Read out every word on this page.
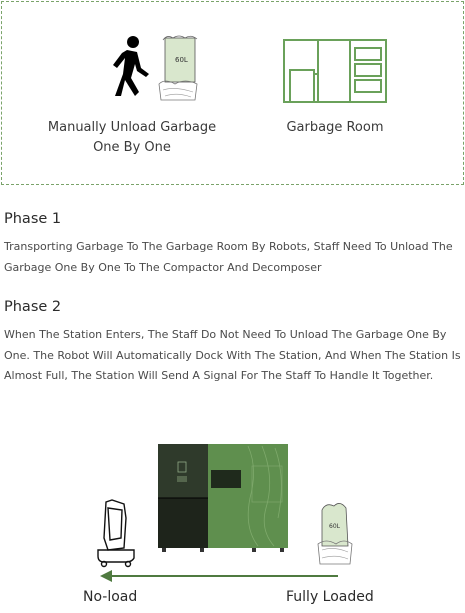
60L
Manually Unload Garbage
One By One
Garbage Room
Phase 1
Transporting Garbage To The Garbage Room By Robots, Staff Need To Unload The Garbage One By One To The Compactor And Decomposer
Phase 2
When The Station Enters, The Staff Do Not Need To Unload The Garbage One By One. The Robot Will Automatically Dock With The Station, And When The Station Is Almost Full, The Station Will Send A Signal For The Staff To Handle It Together.
60L
No-load	Fully Loaded
